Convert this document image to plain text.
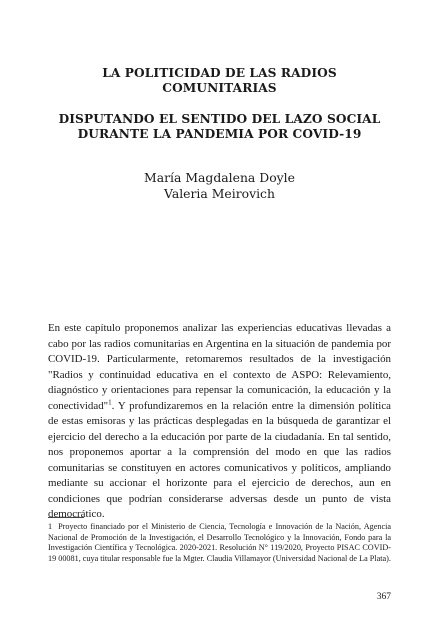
LA POLITICIDAD DE LAS RADIOS COMUNITARIAS
DISPUTANDO EL SENTIDO DEL LAZO SOCIAL DURANTE LA PANDEMIA POR COVID-19
María Magdalena Doyle
Valeria Meirovich

En este capítulo proponemos analizar las experiencias educativas llevadas a cabo por las radios comunitarias en Argentina en la situación de pandemia por COVID-19. Particularmente, retomaremos resultados de la investigación "Radios y continuidad educativa en el contexto de ASPO: Relevamiento, diagnóstico y orientaciones para repensar la comunicación, la educación y la conectividad"$^1$. Y profundizaremos en la relación entre la dimensión política de estas emisoras y las prácticas desplegadas en la búsqueda de garantizar el ejercicio del derecho a la educación por parte de la ciudadanía. En tal sentido, nos proponemos aportar a la comprensión del modo en que las radios comunitarias se constituyen en actores comunicativos y políticos, ampliando mediante su accionar el horizonte para el ejercicio de derechos, aun en condiciones que podrían considerarse adversas desde un punto de vista democrático.

1 Proyecto financiado por el Ministerio de Ciencia, Tecnología e Innovación de la Nación, Agencia Nacional de Promoción de la Investigación, el Desarrollo Tecnológico y la Innovación, Fondo para la Investigación Científica y Tecnológica. 2020-2021. Resolución N° 119/2020, Proyecto PISAC COVID-19 00081, cuya titular responsable fue la Mgter. Claudia Villamayor (Universidad Nacional de La Plata).
367
